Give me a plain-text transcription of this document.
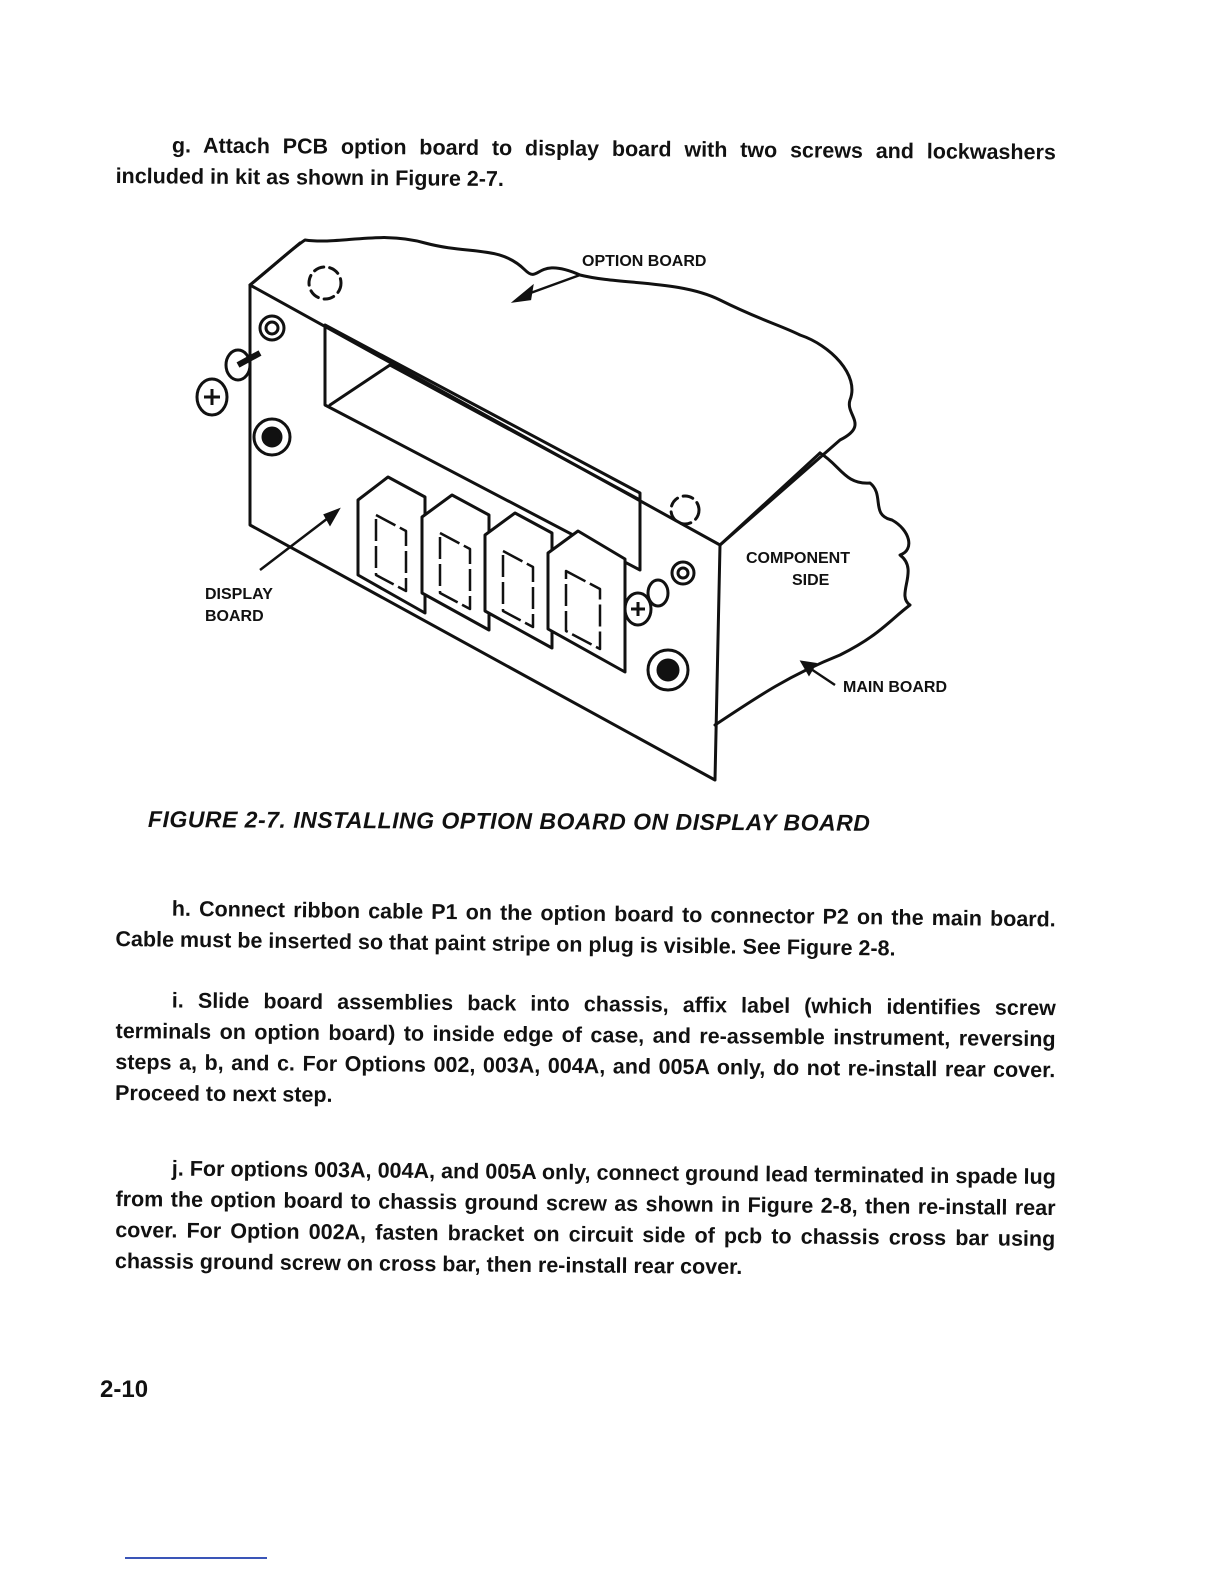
g. Attach PCB option board to display board with two screws and lockwashers included in kit as shown in Figure 2-7.

OPTION BOARD
COMPONENT
SIDE
DISPLAY
BOARD
MAIN BOARD
FIGURE 2-7. INSTALLING OPTION BOARD ON DISPLAY BOARD

h. Connect ribbon cable P1 on the option board to connector P2 on the main board. Cable must be inserted so that paint stripe on plug is visible. See Figure 2-8.

i. Slide board assemblies back into chassis, affix label (which identifies screw terminals on option board) to inside edge of case, and re-assemble instrument, reversing steps a, b, and c. For Options 002, 003A, 004A, and 005A only, do not re-install rear cover. Proceed to next step.

j. For options 003A, 004A, and 005A only, connect ground lead terminated in spade lug from the option board to chassis ground screw as shown in Figure 2-8, then re-install rear cover. For Option 002A, fasten bracket on circuit side of pcb to chassis cross bar using chassis ground screw on cross bar, then re-install rear cover.

2-10
